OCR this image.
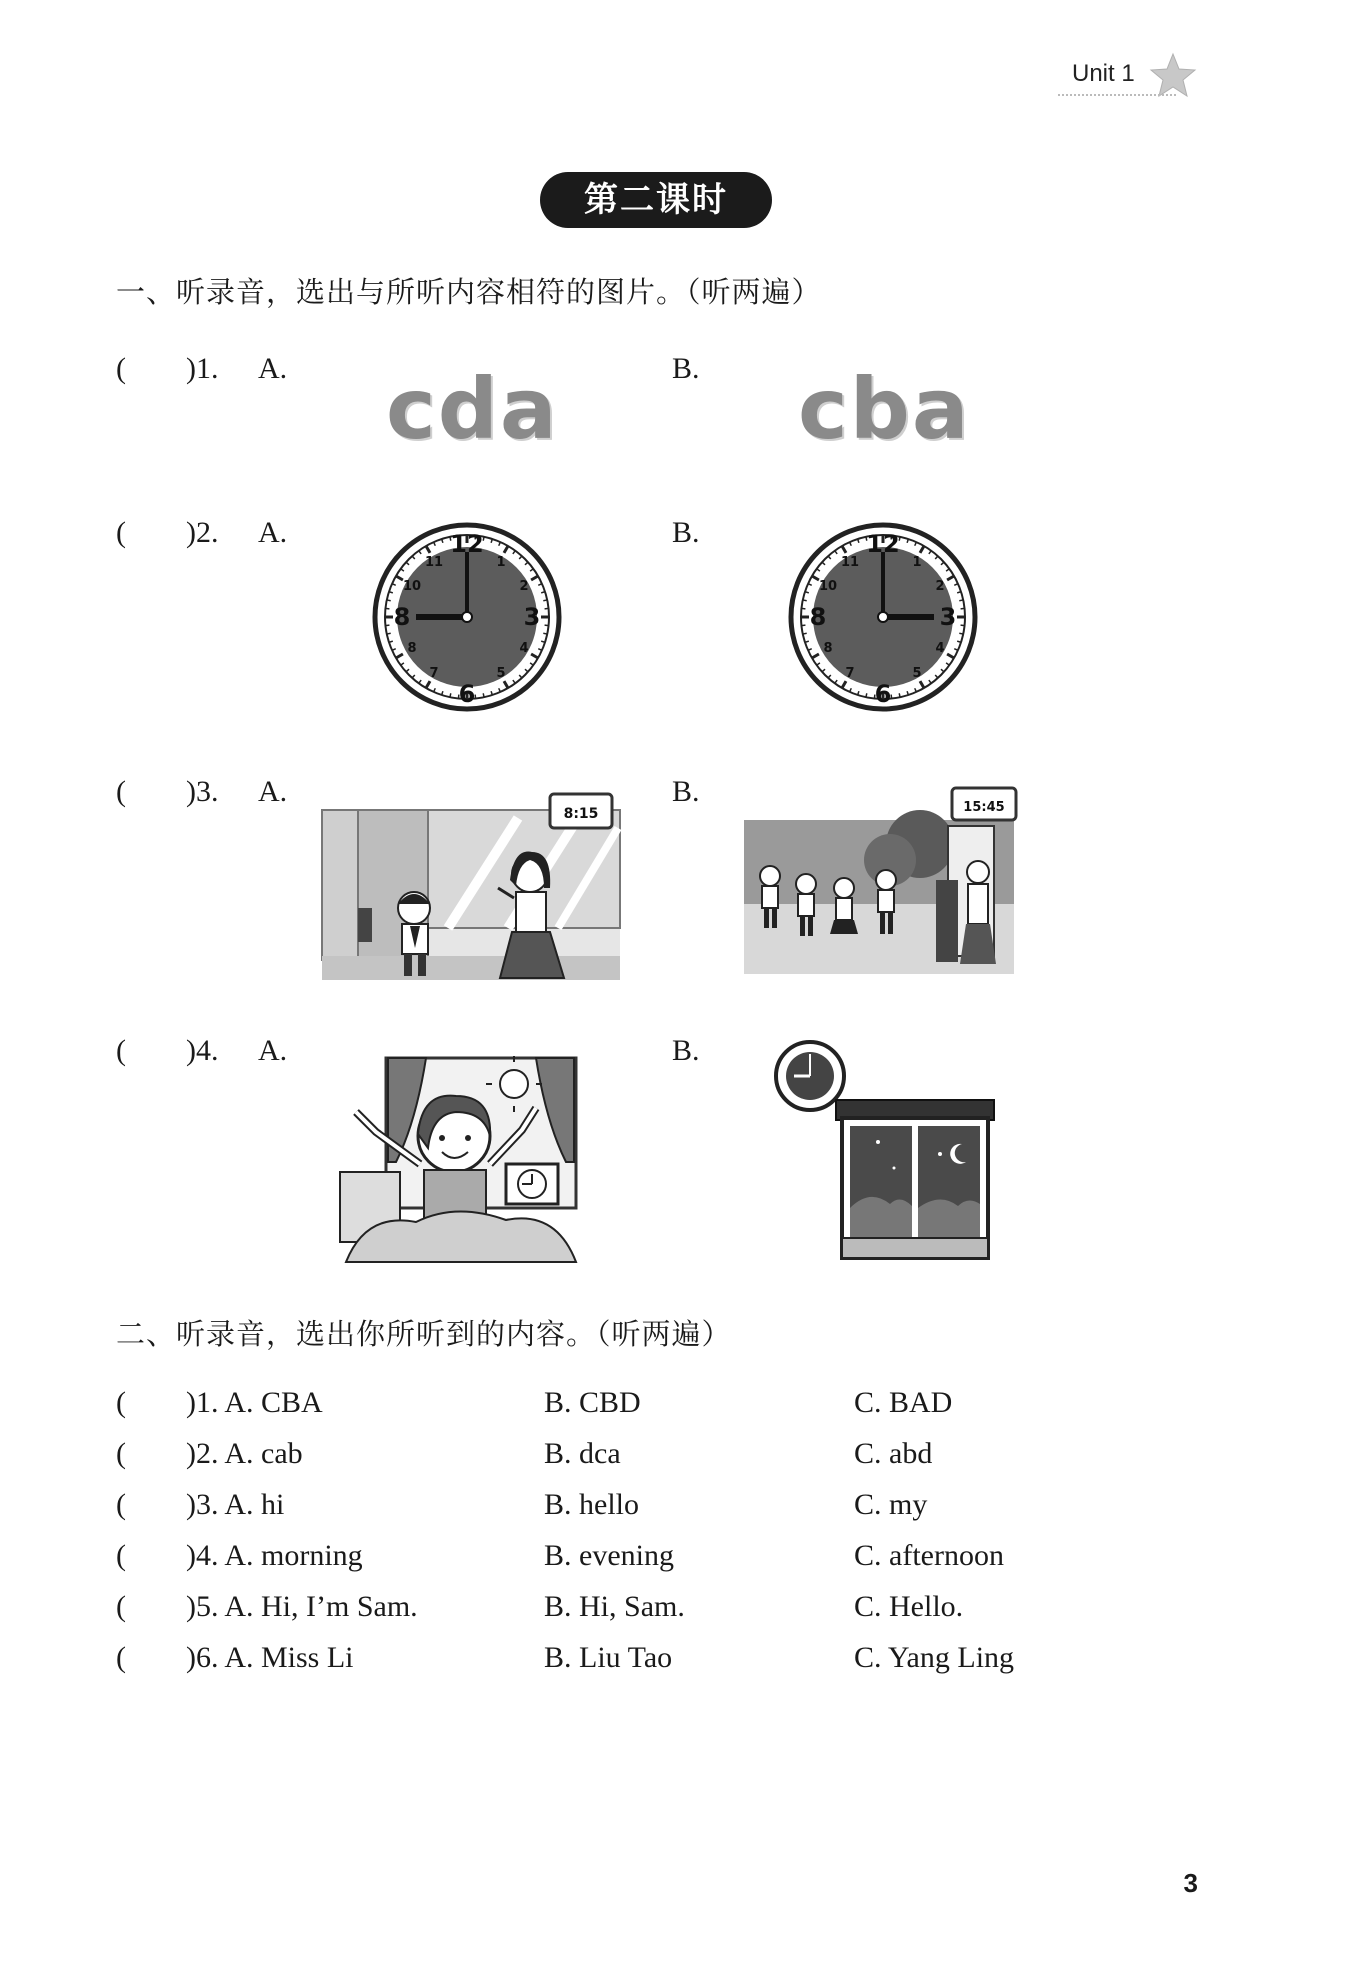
Unit 1
第二课时
一、听录音，选出与所听内容相符的图片。（听两遍）
( )1. A.	B.
cda	cba
( )2. A.	B.
12
3
6
8
1
2
4
5
7
8
10
11
12
3
6
8
1
2
4
5
7
8
10
11
( )3. A.	B.
8:15	15:45
( )4. A.	B.
二、听录音，选出你所听到的内容。（听两遍）
( )1. A. CBA	B. CBD	C. BAD
( )2. A. cab	B. dca	C. abd
( )3. A. hi	B. hello	C. my
( )4. A. morning	B. evening	C. afternoon
( )5. A. Hi, I’m Sam.	B. Hi, Sam.	C. Hello.
( )6. A. Miss Li	B. Liu Tao	C. Yang Ling
3
